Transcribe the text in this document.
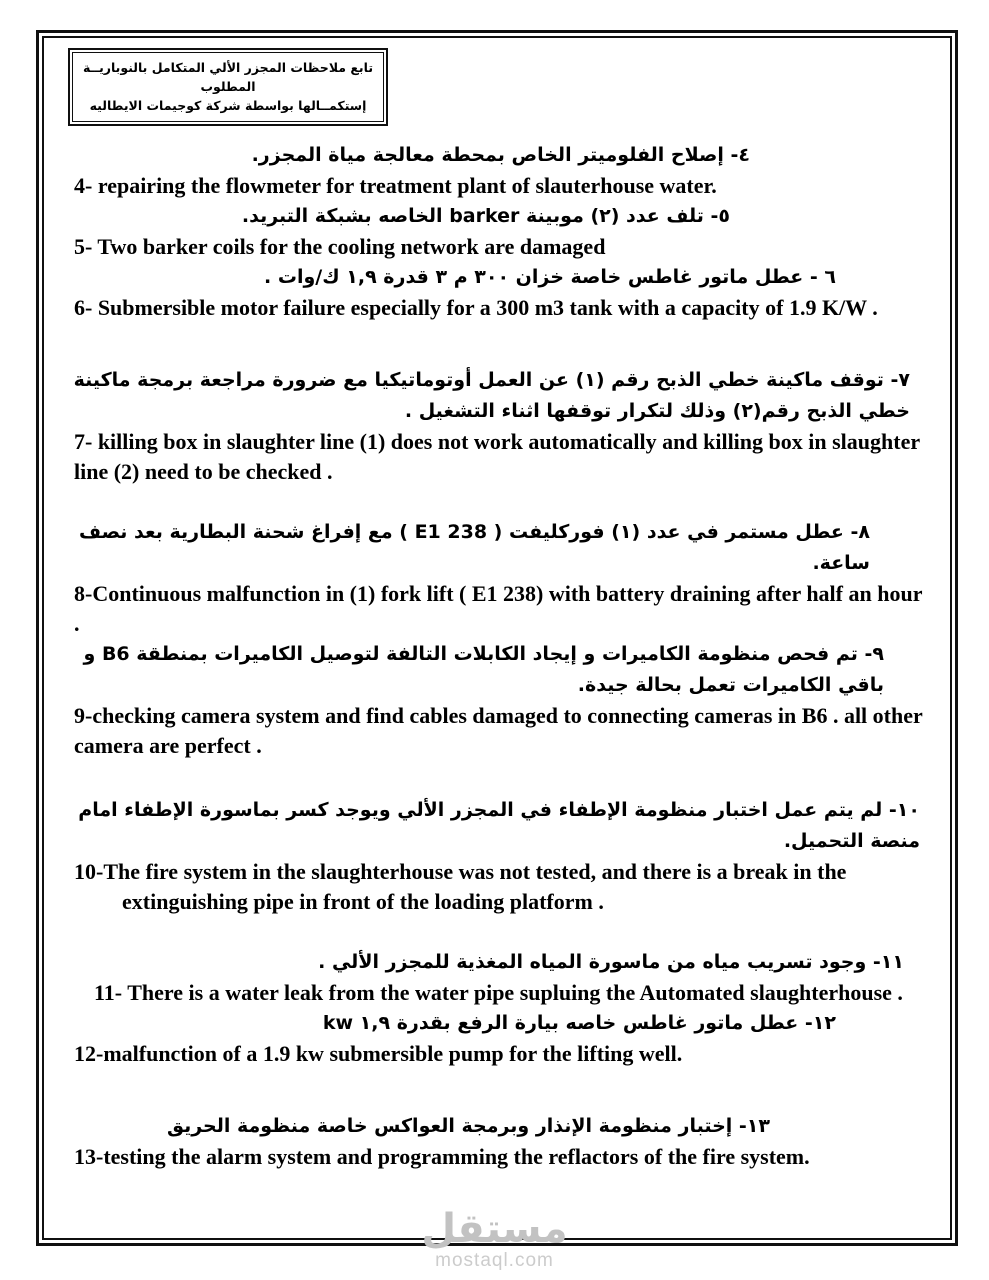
تابع ملاحظات المجزر الألي المتكامل بالنوباريــة المطلوب
إستكمــالها بواسطة شركة كوجيمات الايطاليه

٤- إصلاح الفلوميتر الخاص بمحطة معالجة مياة المجزر.

4- repairing the flowmeter for treatment plant of slauterhouse water.

٥- تلف عدد (٢) موبينة barker الخاصه بشبكة التبريد.

5- Two barker coils for the cooling network are damaged

٦ - عطل ماتور غاطس خاصة خزان ٣٠٠ م ٣ قدرة ١,٩ ك/وات .

6- Submersible motor failure especially for a 300 m3 tank with a capacity of 1.9 K/W .

٧- توقف ماكينة خطي الذبح رقم (١) عن العمل أوتوماتيكيا مع ضرورة مراجعة برمجة ماكينة خطي الذبح رقم(٢) وذلك لتكرار توقفها اثناء التشغيل .

7- killing box in slaughter line (1) does not work automatically and killing box in slaughter line (2) need to be checked .

٨- عطل مستمر في عدد (١) فوركليفت ( E1 238 ) مع إفراغ شحنة البطارية بعد نصف ساعة.

8-Continuous malfunction in (1) fork lift ( E1 238) with battery draining after half an hour .

٩- تم فحص منظومة الكاميرات و إيجاد الكابلات التالفة لتوصيل الكاميرات بمنطقة B6 و باقي الكاميرات تعمل بحالة جيدة.

9-checking camera system and find cables damaged to connecting cameras in B6 . all other camera are perfect .

١٠- لم يتم عمل اختبار منظومة الإطفاء في المجزر الألي ويوجد كسر بماسورة الإطفاء امام منصة التحميل.

10-The fire system in the slaughterhouse was not tested, and there is a break in the extinguishing pipe in front of the loading platform .

١١- وجود تسريب مياه من ماسورة المياه المغذية للمجزر الألي .

11- There is a water leak from the water pipe supluing the Automated slaughterhouse .

١٢- عطل ماتور غاطس خاصه بيارة الرفع بقدرة ١,٩ kw

12-malfunction of a 1.9 kw submersible pump for the lifting well.

١٣- إختبار منظومة الإنذار وبرمجة العواكس خاصة منظومة الحريق

13-testing the alarm system and programming the reflactors of the fire system.

مستقل
mostaql.com
